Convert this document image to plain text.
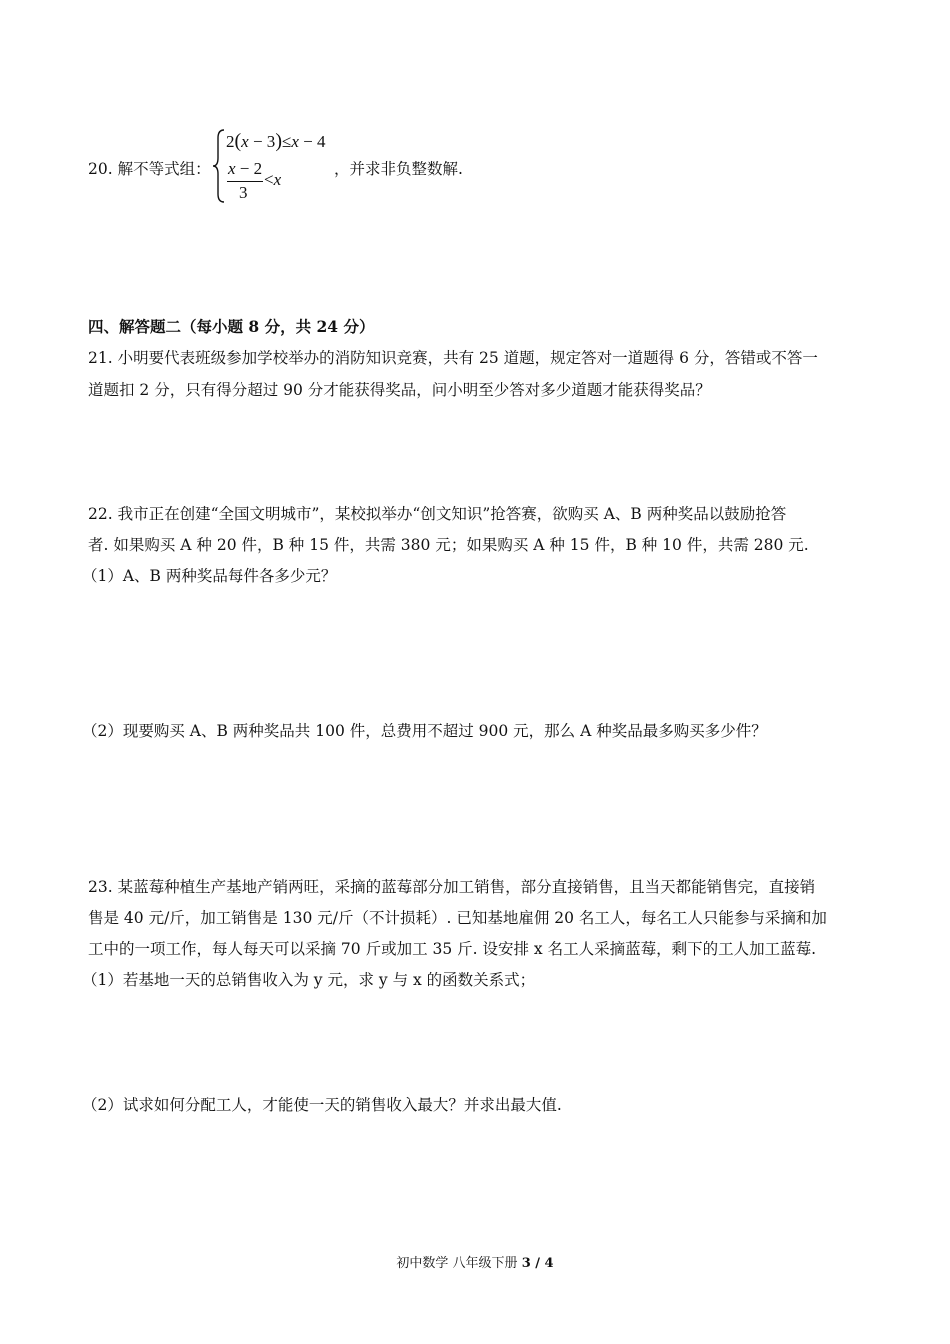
20. 解不等式组：
2(x − 3)≤x − 4
x − 2
3
<x
，并求非负整数解.
四、解答题二（每小题 8 分，共 24 分）
21. 小明要代表班级参加学校举办的消防知识竞赛，共有 25 道题，规定答对一道题得 6 分，答错或不答一
道题扣 2 分，只有得分超过 90 分才能获得奖品，问小明至少答对多少道题才能获得奖品？
22. 我市正在创建“全国文明城市”，某校拟举办“创文知识”抢答赛，欲购买 A、B 两种奖品以鼓励抢答
者. 如果购买 A 种 20 件，B 种 15 件，共需 380 元；如果购买 A 种 15 件，B 种 10 件，共需 280 元.
（1）A、B 两种奖品每件各多少元？
（2）现要购买 A、B 两种奖品共 100 件，总费用不超过 900 元，那么 A 种奖品最多购买多少件？
23. 某蓝莓种植生产基地产销两旺，采摘的蓝莓部分加工销售，部分直接销售，且当天都能销售完，直接销
售是 40 元/斤，加工销售是 130 元/斤（不计损耗）. 已知基地雇佣 20 名工人，每名工人只能参与采摘和加
工中的一项工作，每人每天可以采摘 70 斤或加工 35 斤. 设安排 x 名工人采摘蓝莓，剩下的工人加工蓝莓.
（1）若基地一天的总销售收入为 y 元，求 y 与 x 的函数关系式；
（2）试求如何分配工人，才能使一天的销售收入最大？并求出最大值.
初中数学 八年级下册 3 / 4
